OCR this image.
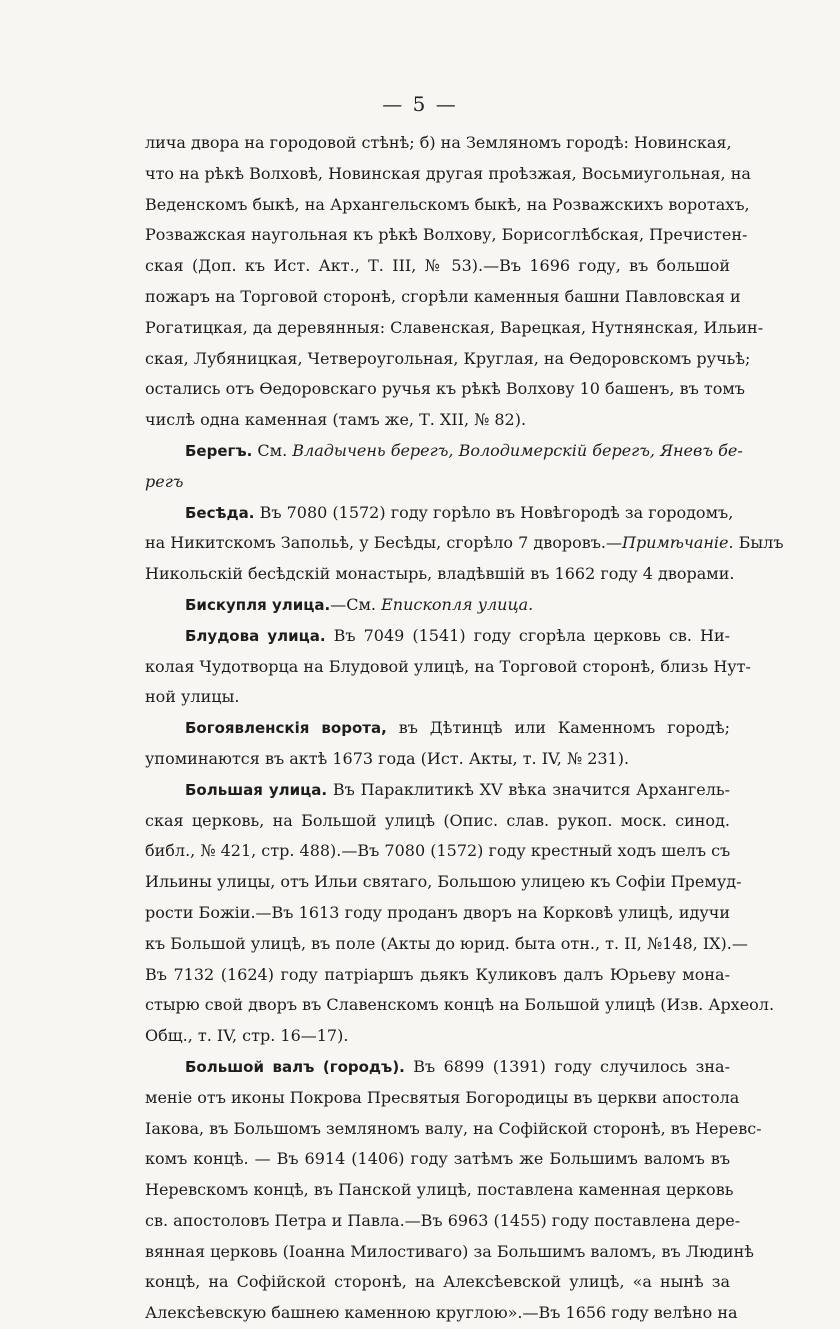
— 5 —
лича двора на городовой стѣнѣ; б) на Земляномъ городѣ: Новинская,
что на рѣкѣ Волховѣ, Новинская другая проѣзжая, Восьмиугольная, на
Веденскомъ быкѣ, на Архангельскомъ быкѣ, на Розважскихъ воротахъ,
Розважская наугольная къ рѣкѣ Волхову, Борисоглѣбская, Пречистен-
ская (Доп. къ Ист. Акт., Т. III, № 53).—Въ 1696 году, въ большой
пожаръ на Торговой сторонѣ, сгорѣли каменныя башни Павловская и
Рогатицкая, да деревянныя: Славенская, Варецкая, Нутнянская, Ильин-
ская, Лубяницкая, Четвероугольная, Круглая, на Өедоровскомъ ручьѣ;
остались отъ Өедоровскаго ручья къ рѣкѣ Волхову 10 башенъ, въ томъ
числѣ одна каменная (тамъ же, Т. XII, № 82).
Берегъ. См. Владычень берегъ, Володимерскій берегъ, Яневъ бе-
регъ
Бесѣда. Въ 7080 (1572) году горѣло въ Новѣгородѣ за городомъ,
на Никитскомъ Запольѣ, у Бесѣды, сгорѣло 7 дворовъ.—Примѣчаніе. Былъ
Никольскій бесѣдскій монастырь, владѣвшій въ 1662 году 4 дворами.
Бискупля улица.—См. Епископля улица.
Блудова улица. Въ 7049 (1541) году сгорѣла церковь св. Ни-
колая Чудотворца на Блудовой улицѣ, на Торговой сторонѣ, близь Нут-
ной улицы.
Богоявленскія ворота, въ Дѣтинцѣ или Каменномъ городѣ;
упоминаются въ актѣ 1673 года (Ист. Акты, т. IV, № 231).
Большая улица. Въ Параклитикѣ XV вѣка значится Архангель-
ская церковь, на Большой улицѣ (Опис. слав. рукоп. моск. синод.
библ., № 421, стр. 488).—Въ 7080 (1572) году крестный ходъ шелъ съ
Ильины улицы, отъ Ильи святаго, Большою улицею къ Софіи Премуд-
рости Божіи.—Въ 1613 году проданъ дворъ на Корковѣ улицѣ, идучи
къ Большой улицѣ, въ поле (Акты до юрид. быта отн., т. II, №148, IX).—
Въ 7132 (1624) году патріаршъ дьякъ Куликовъ далъ Юрьеву мона-
стырю свой дворъ въ Славенскомъ концѣ на Большой улицѣ (Изв. Археол.
Общ., т. IV, стр. 16—17).
Большой валъ (городъ). Въ 6899 (1391) году случилось зна-
меніе отъ иконы Покрова Пресвятыя Богородицы въ церкви апостола
Іакова, въ Большомъ земляномъ валу, на Софійской сторонѣ, въ Неревс-
комъ концѣ. — Въ 6914 (1406) году затѣмъ же Большимъ валомъ въ
Неревскомъ концѣ, въ Панской улицѣ, поставлена каменная церковь
св. апостоловъ Петра и Павла.—Въ 6963 (1455) году поставлена дере-
вянная церковь (Іоанна Милостиваго) за Большимъ валомъ, въ Людинѣ
концѣ, на Софійской сторонѣ, на Алексѣевской улицѣ, «а нынѣ за
Алексѣевскую башнею каменною круглою».—Въ 1656 году велѣно на
